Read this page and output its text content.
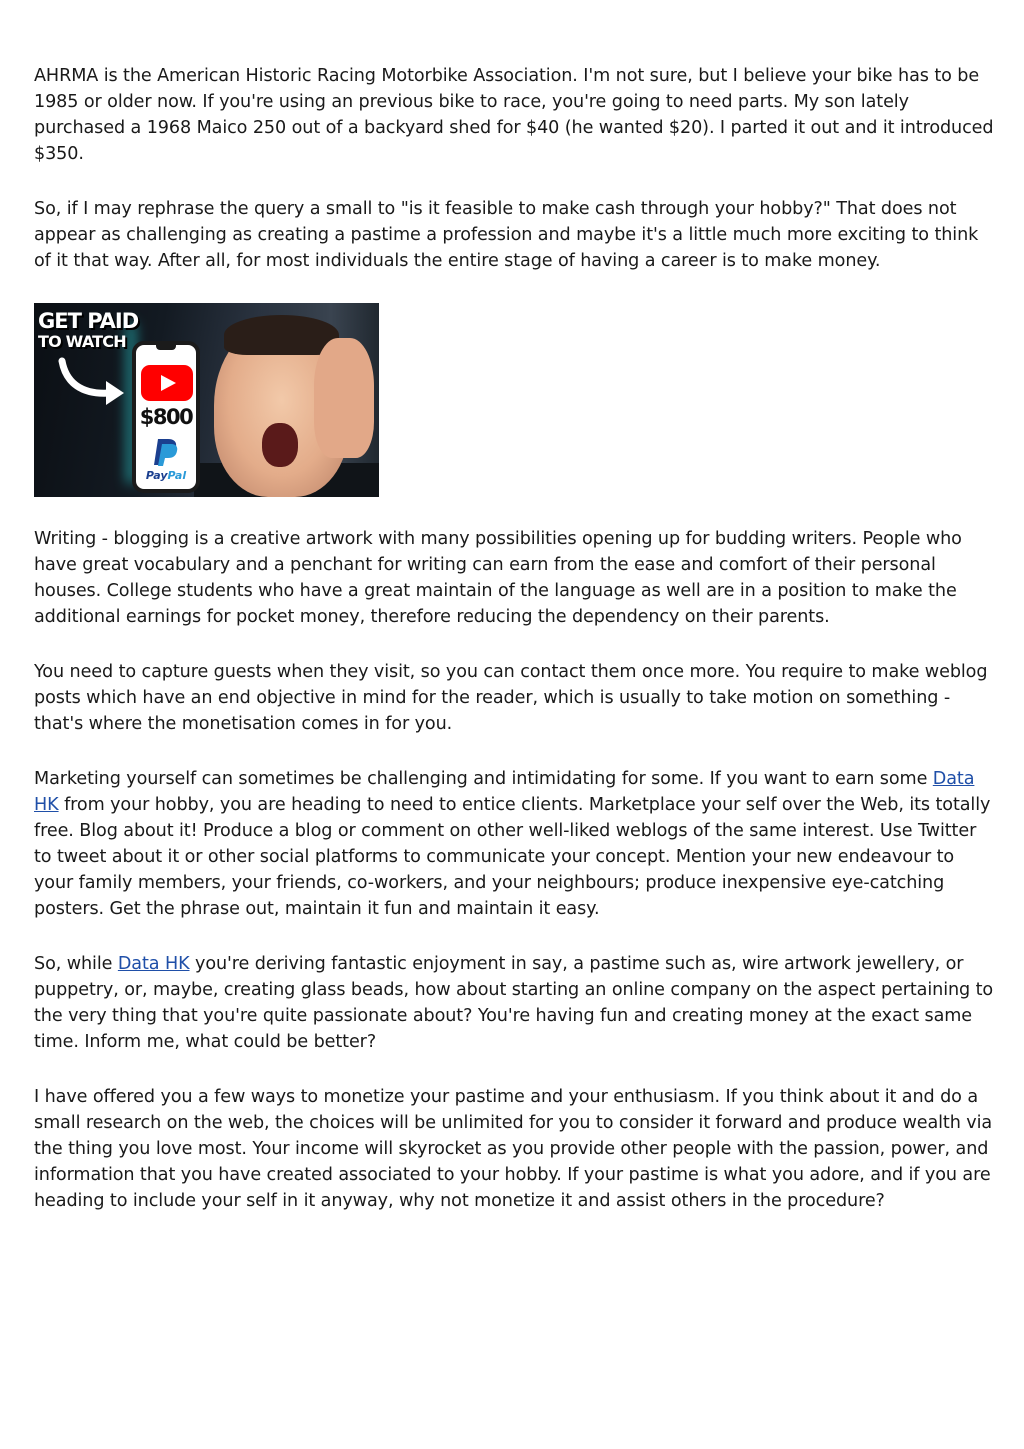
AHRMA is the American Historic Racing Motorbike Association. I'm not sure, but I believe your bike has to be 1985 or older now. If you're using an previous bike to race, you're going to need parts. My son lately purchased a 1968 Maico 250 out of a backyard shed for $40 (he wanted $20). I parted it out and it introduced $350.

So, if I may rephrase the query a small to "is it feasible to make cash through your hobby?" That does not appear as challenging as creating a pastime a profession and maybe it's a little much more exciting to think of it that way. After all, for most individuals the entire stage of having a career is to make money.

GET PAID
TO WATCH
$800
PayPal

Writing - blogging is a creative artwork with many possibilities opening up for budding writers. People who have great vocabulary and a penchant for writing can earn from the ease and comfort of their personal houses. College students who have a great maintain of the language as well are in a position to make the additional earnings for pocket money, therefore reducing the dependency on their parents.

You need to capture guests when they visit, so you can contact them once more. You require to make weblog posts which have an end objective in mind for the reader, which is usually to take motion on something - that's where the monetisation comes in for you.

Marketing yourself can sometimes be challenging and intimidating for some. If you want to earn some Data HK from your hobby, you are heading to need to entice clients. Marketplace your self over the Web, its totally free. Blog about it! Produce a blog or comment on other well-liked weblogs of the same interest. Use Twitter to tweet about it or other social platforms to communicate your concept. Mention your new endeavour to your family members, your friends, co-workers, and your neighbours; produce inexpensive eye-catching posters. Get the phrase out, maintain it fun and maintain it easy.

So, while Data HK you're deriving fantastic enjoyment in say, a pastime such as, wire artwork jewellery, or puppetry, or, maybe, creating glass beads, how about starting an online company on the aspect pertaining to the very thing that you're quite passionate about? You're having fun and creating money at the exact same time. Inform me, what could be better?

I have offered you a few ways to monetize your pastime and your enthusiasm. If you think about it and do a small research on the web, the choices will be unlimited for you to consider it forward and produce wealth via the thing you love most. Your income will skyrocket as you provide other people with the passion, power, and information that you have created associated to your hobby. If your pastime is what you adore, and if you are heading to include your self in it anyway, why not monetize it and assist others in the procedure?
